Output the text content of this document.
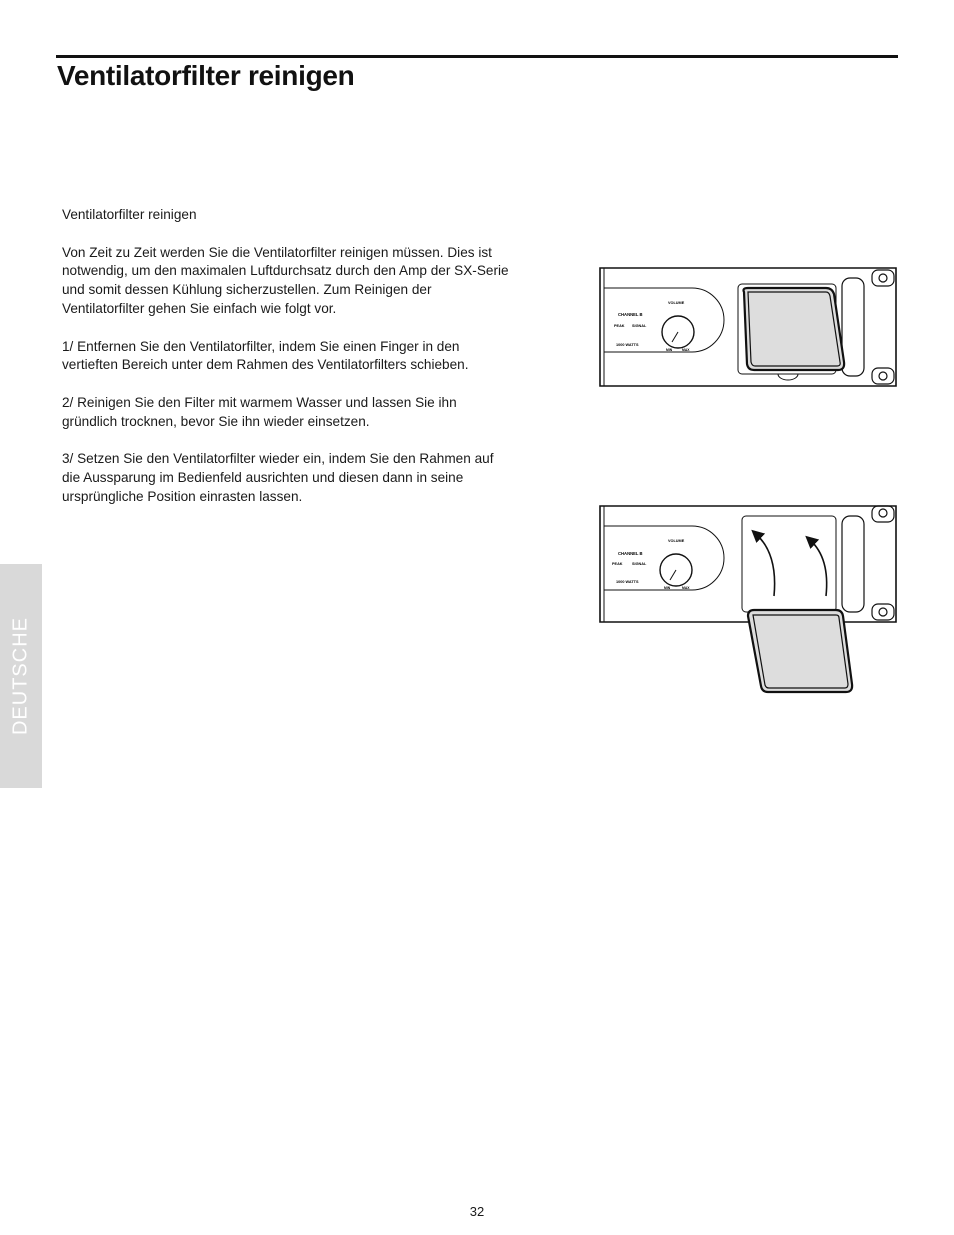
Ventilatorfilter reinigen

Ventilatorfilter reinigen

Von Zeit zu Zeit werden Sie die Ventilatorfilter reinigen müssen. Dies ist notwendig, um den maximalen Luftdurchsatz durch den Amp der SX-Serie und somit dessen Kühlung sicherzustellen. Zum Reinigen der Ventilatorfilter gehen Sie einfach wie folgt vor.

1/ Entfernen Sie den Ventilatorfilter, indem Sie einen Finger in den vertieften Bereich unter dem Rahmen des Ventilatorfilters schieben.

2/ Reinigen Sie den Filter mit warmem Wasser und lassen Sie ihn gründlich trocknen, bevor Sie ihn wieder einsetzen.

3/ Setzen Sie den Ventilatorfilter wieder ein, indem Sie den Rahmen auf die Aussparung im Bedienfeld ausrichten und diesen dann in seine ursprüngliche Position einrasten lassen.

DEUTSCHE
CHANNEL B
PEAK SIGNAL
1000 WATTS
VOLUME
MIN	MAX
CHANNEL B
PEAK SIGNAL
1000 WATTS
VOLUME
MIN	MAX
32
